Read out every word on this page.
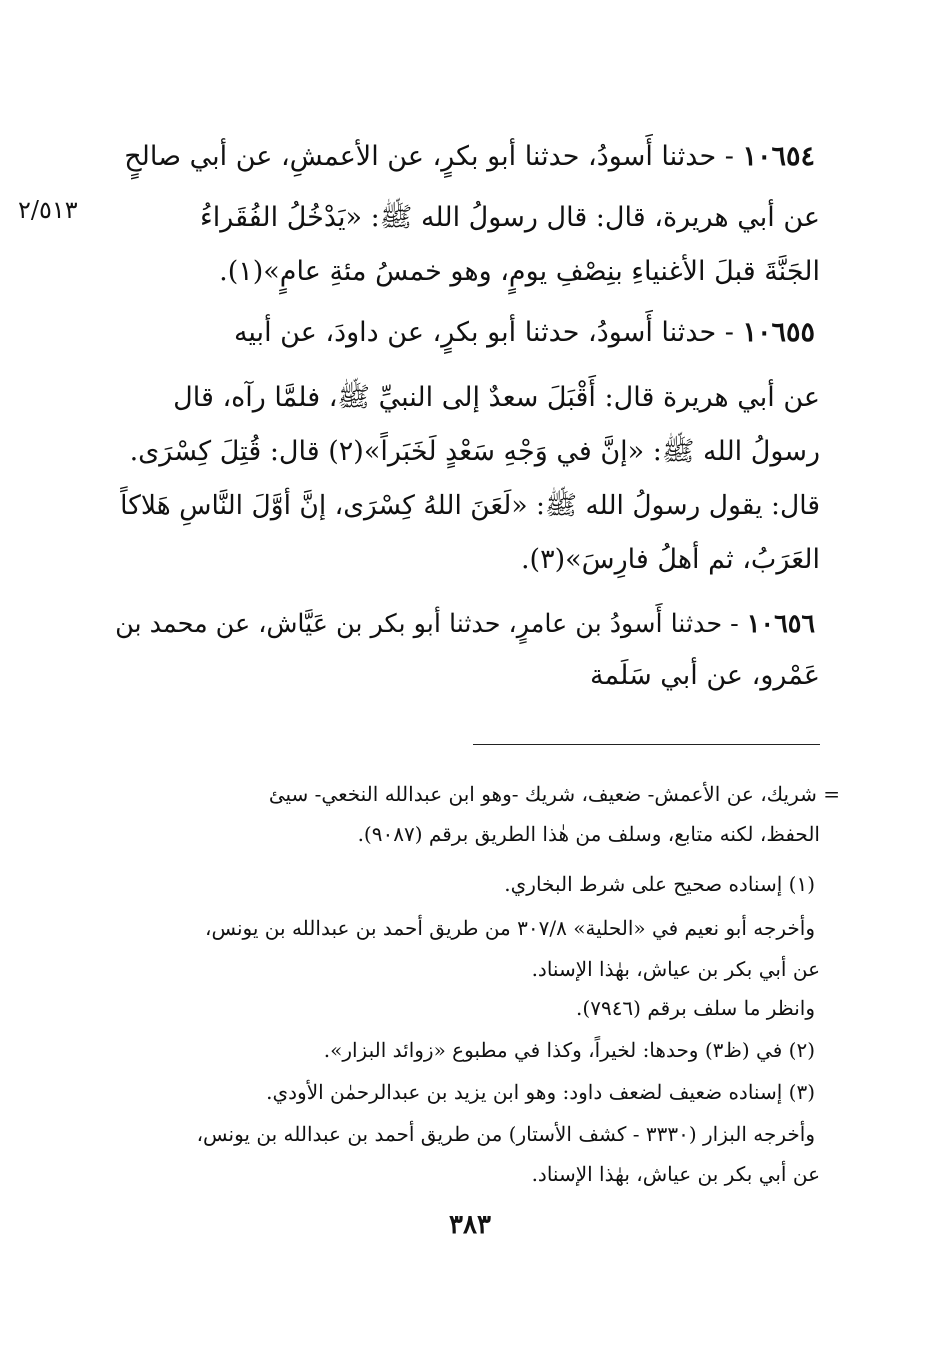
٢/٥١٣

١٠٦٥٤ - حدثنا أَسودُ، حدثنا أبو بكرٍ، عن الأعمشِ، عن أبي صالحٍ

عن أبي هريرة، قال: قال رسولُ الله ﷺ: «يَدْخُلُ الفُقَراءُ

الجَنَّةَ قبلَ الأغنياءِ بنِصْفِ يومٍ، وهو خمسُ مئةِ عامٍ»(١).

١٠٦٥٥ - حدثنا أَسودُ، حدثنا أبو بكرٍ، عن داودَ، عن أبيه

عن أبي هريرة قال: أَقْبَلَ سعدٌ إلى النبيِّ ﷺ، فلمَّا رآه، قال

رسولُ الله ﷺ: «إنَّ في وَجْهِ سَعْدٍ لَخَبَراً»(٢) قال: قُتِلَ كِسْرَى.

قال: يقول رسولُ الله ﷺ: «لَعَنَ اللهُ كِسْرَى، إنَّ أوَّلَ النَّاسِ هَلاكاً

العَرَبُ، ثم أهلُ فارِسَ»(٣).

١٠٦٥٦ - حدثنا أَسودُ بن عامرٍ، حدثنا أبو بكر بن عَيَّاش، عن محمد بن

عَمْرو، عن أبي سَلَمة

= شريك، عن الأعمش- ضعيف، شريك -وهو ابن عبدالله النخعي- سيئ

الحفظ، لكنه متابع، وسلف من هٰذا الطريق برقم (٩٠٨٧).

(١) إسناده صحيح على شرط البخاري.

وأخرجه أبو نعيم في «الحلية» ٣٠٧/٨ من طريق أحمد بن عبدالله بن يونس،

عن أبي بكر بن عياش، بهٰذا الإسناد.

وانظر ما سلف برقم (٧٩٤٦).

(٢) في (ظ٣) وحدها: لخيراً، وكذا في مطبوع «زوائد البزار».

(٣) إسناده ضعيف لضعف داود: وهو ابن يزيد بن عبدالرحمٰن الأودي.

وأخرجه البزار (٣٣٣٠ - كشف الأستار) من طريق أحمد بن عبدالله بن يونس،

عن أبي بكر بن عياش، بهٰذا الإسناد.

٣٨٣
